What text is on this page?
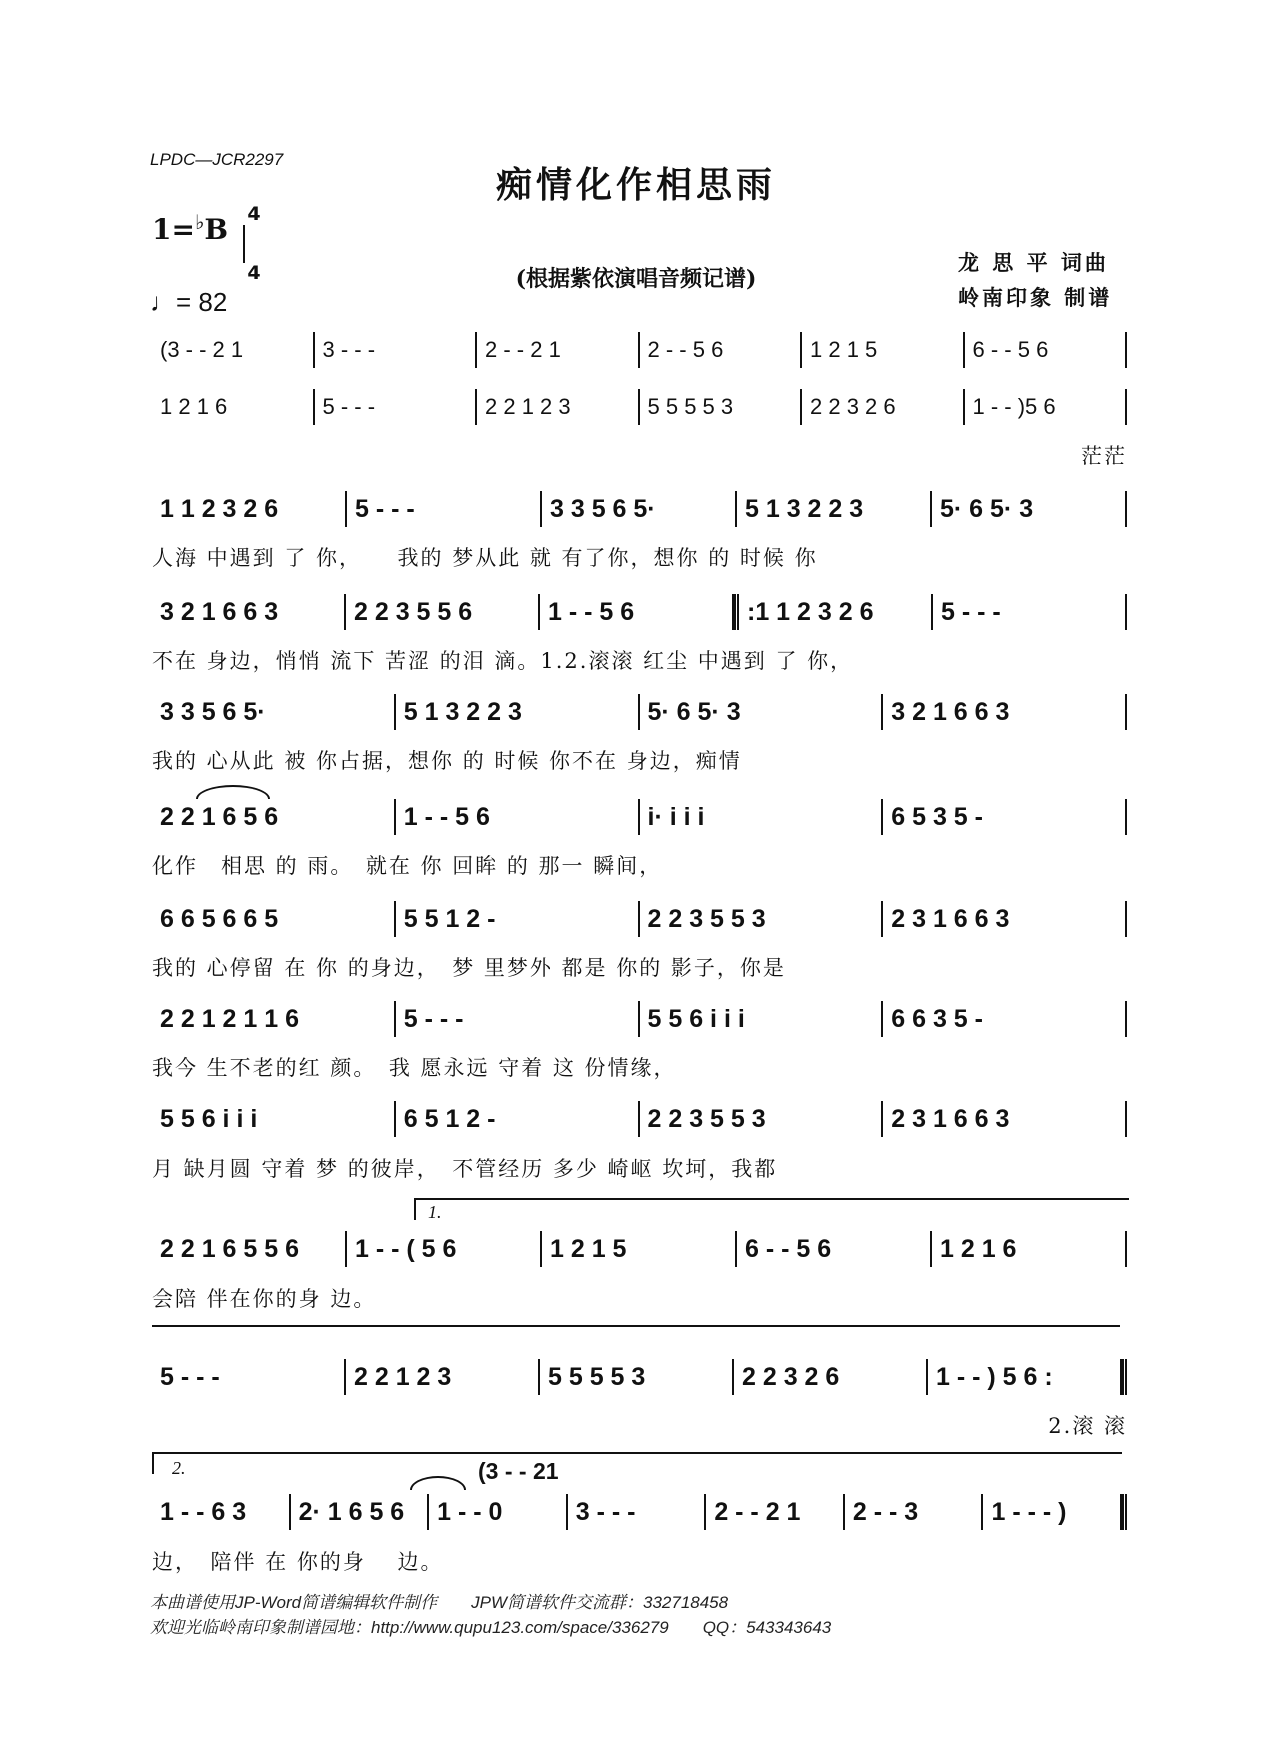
LPDC—JCR2297
痴情化作相思雨
1=♭B 4
4
♩= 82
(根据紫依演唱音频记谱)
龙 思 平 词曲
岭南印象 制谱
(3 - - 2 1	3 - - -	2 - - 2 1	2 - - 5 6	1 2 1 5	6 - - 5 6
1 2 1 6	5 - - -	2 2 1 2 3	5 5 5 5 3	2 2 3 2 6	1 - - )5 6
茫茫
1 1 2 3 2 6	5 - - -	3 3 5 6 5·	5 1 3 2 2 3	5· 6 5· 3
人海 中遇到 了 你，　　我的 梦从此 就 有了你，想你 的 时候 你
3 2 1 6 6 3	2 2 3 5 5 6	1 - - 5 6	:1 1 2 3 2 6	5 - - -
不在 身边，悄悄 流下 苦涩 的泪 滴。1.2.滚滚 红尘 中遇到 了 你，
3 3 5 6 5·	5 1 3 2 2 3	5· 6 5· 3	3 2 1 6 6 3
我的 心从此 被 你占据，想你 的 时候 你不在 身边，痴情
2 2 1 6 5 6	1 - - 5 6	i· i i i	6 5 3 5 -
化作　相思 的 雨。　就在 你 回眸 的 那一 瞬间，
6 6 5 6 6 5	5 5 1 2 -	2 2 3 5 5 3	2 3 1 6 6 3
我的 心停留 在 你 的身边，　梦 里梦外 都是 你的 影子，你是
2 2 1 2 1 1 6	5 - - -	5 5 6 i i i	6 6 3 5 -
我今 生不老的红 颜。　我 愿永远 守着 这 份情缘，
5 5 6 i i i	6 5 1 2 -	2 2 3 5 5 3	2 3 1 6 6 3
月 缺月圆 守着 梦 的彼岸，　不管经历 多少 崎岖 坎坷，我都
1.
2 2 1 6 5 5 6	1 - - ( 5 6	1 2 1 5	6 - - 5 6	1 2 1 6
会陪 伴在你的身 边。
5 - - -	2 2 1 2 3	5 5 5 5 3	2 2 3 2 6	1 - - ) 5 6 :
2.滚 滚
2.	(3 - - 21
1 - - 6 3	2· 1 6 5 6	1 - - 0	3 - - -	2 - - 2 1	2 - - 3	1 - - - )
边，　陪伴 在 你的身　 边。
本曲谱使用JP-Word简谱编辑软件制作　　JPW简谱软件交流群：332718458
欢迎光临岭南印象制谱园地：http://www.qupu123.com/space/336279　　QQ：543343643
